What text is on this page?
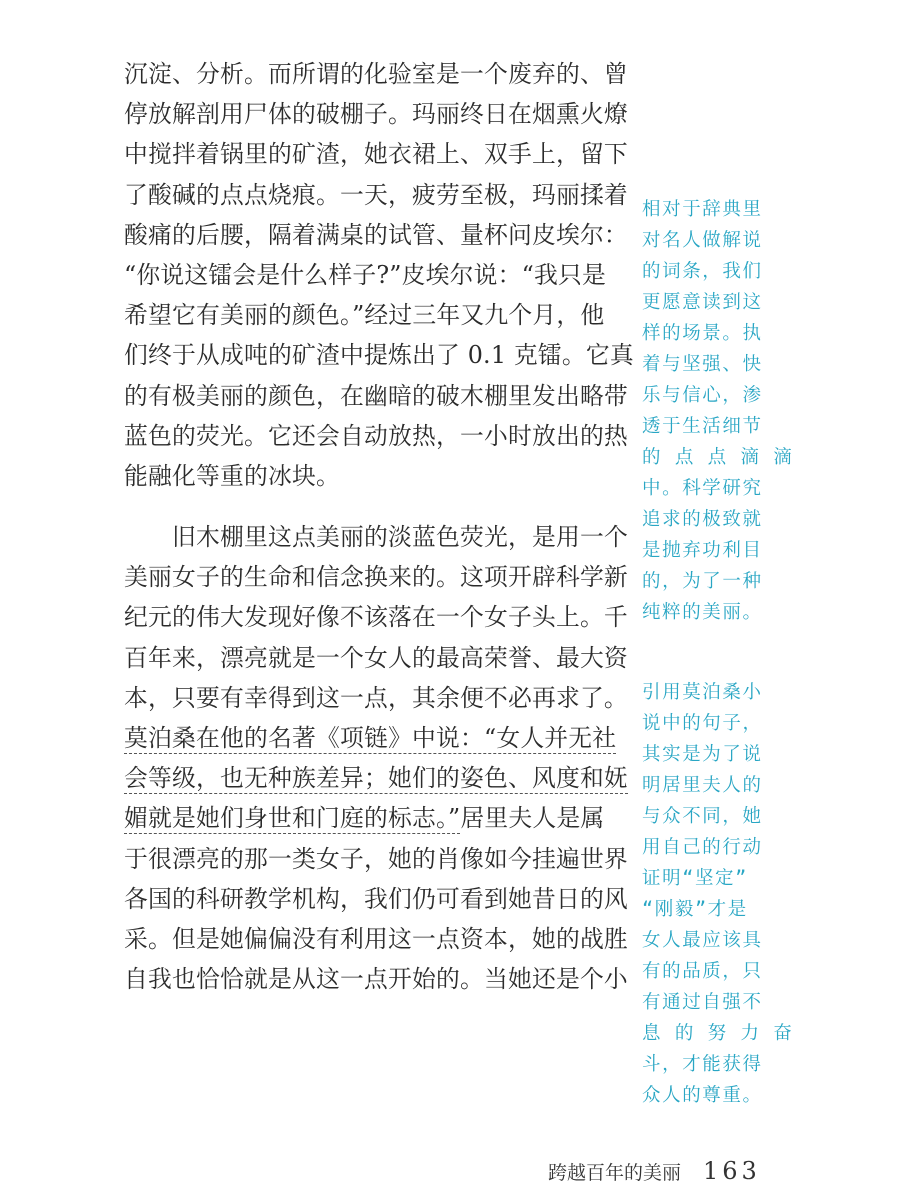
沉淀、分析。而所谓的化验室是一个废弃的、曾
停放解剖用尸体的破棚子。玛丽终日在烟熏火燎
中搅拌着锅里的矿渣，她衣裙上、双手上，留下
了酸碱的点点烧痕。一天，疲劳至极，玛丽揉着
酸痛的后腰，隔着满桌的试管、量杯问皮埃尔：
“你说这镭会是什么样子?”皮埃尔说：“我只是
希望它有美丽的颜色。”经过三年又九个月，他
们终于从成吨的矿渣中提炼出了 0.1 克镭。它真
的有极美丽的颜色，在幽暗的破木棚里发出略带
蓝色的荧光。它还会自动放热，一小时放出的热
能融化等重的冰块。
旧木棚里这点美丽的淡蓝色荧光，是用一个
美丽女子的生命和信念换来的。这项开辟科学新
纪元的伟大发现好像不该落在一个女子头上。千
百年来，漂亮就是一个女人的最高荣誉、最大资
本，只要有幸得到这一点，其余便不必再求了。
莫泊桑在他的名著《项链》中说：“女人并无社
会等级，也无种族差异；她们的姿色、风度和妩
媚就是她们身世和门庭的标志。”居里夫人是属
于很漂亮的那一类女子，她的肖像如今挂遍世界
各国的科研教学机构，我们仍可看到她昔日的风
采。但是她偏偏没有利用这一点资本，她的战胜
自我也恰恰就是从这一点开始的。当她还是个小
相对于辞典里
对名人做解说
的词条，我们
更愿意读到这
样的场景。执
着与坚强、快
乐与信心，渗
透于生活细节
的 点 点 滴 滴
中。科学研究
追求的极致就
是抛弃功利目
的，为了一种
纯粹的美丽。
引用莫泊桑小
说中的句子，
其实是为了说
明居里夫人的
与众不同，她
用自己的行动
证明“坚定”
“刚毅”才是
女人最应该具
有的品质，只
有通过自强不
息 的 努 力 奋
斗，才能获得
众人的尊重。
跨越百年的美丽 163
